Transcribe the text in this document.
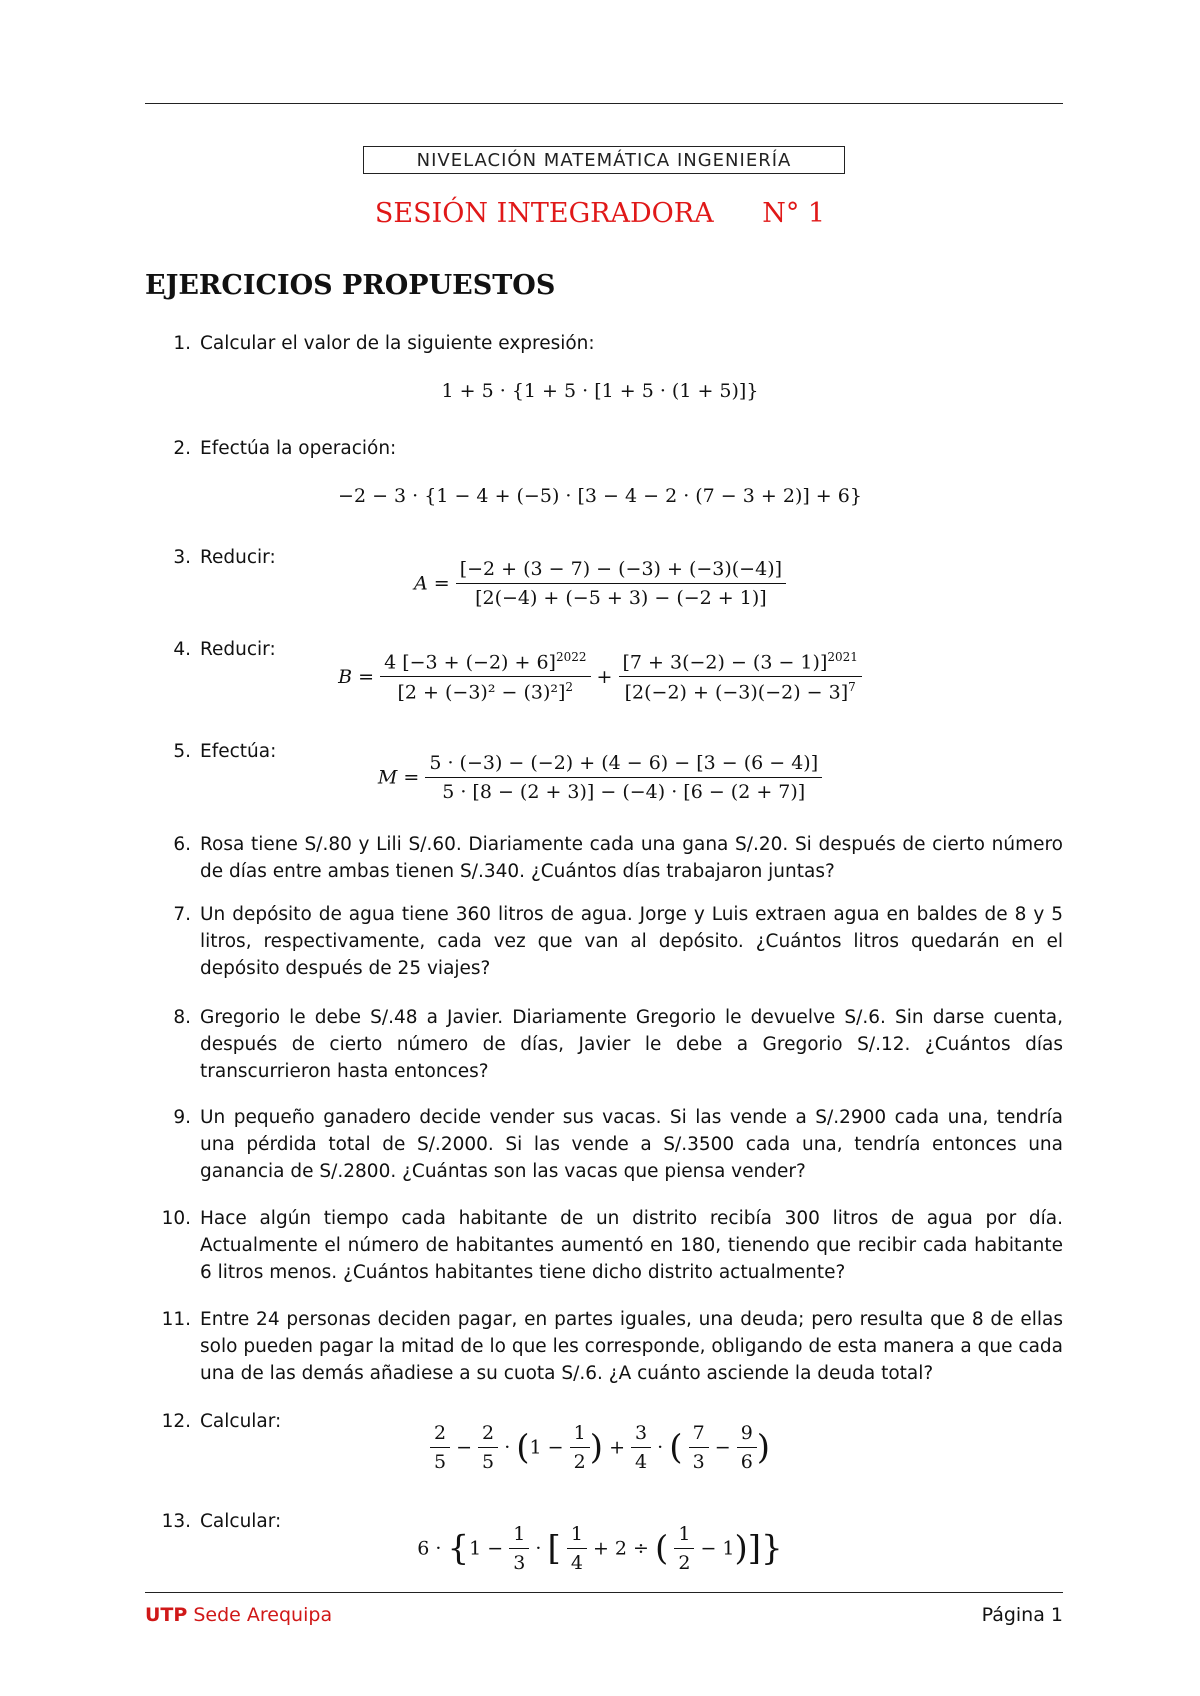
NIVELACIÓN MATEMÁTICA INGENIERÍA
SESIÓN INTEGRADORA N° 1
EJERCICIOS PROPUESTOS
1. Calcular el valor de la siguiente expresión:
1 + 5 · {1 + 5 · [1 + 5 · (1 + 5)]}
2. Efectúa la operación:
−2 − 3 · {1 − 4 + (−5) · [3 − 4 − 2 · (7 − 3 + 2)] + 6}
3. Reducir:
$A = \frac{[-2 + (3 - 7) - (-3) + (-3)(-4)]}{[2(-4) + (-5 + 3) - (-2 + 1)]}$
4. Reducir:
$B = \frac{4 [-3 + (-2) + 6]^{2022}}{[2 + (-3)^2 - (3)^2]^2} + \frac{[7 + 3(-2) - (3 - 1)]^{2021}}{[2(-2) + (-3)(-2) - 3]^7}$
5. Efectúa:
$M = \frac{5 \cdot (-3) - (-2) + (4 - 6) - [3 - (6 - 4)]}{5 \cdot [8 - (2 + 3)] - (-4) \cdot [6 - (2 + 7)]}$
6. Rosa tiene S/.80 y Lili S/.60. Diariamente cada una gana S/.20. Si después de cierto número de días entre ambas tienen S/.340. ¿Cuántos días trabajaron juntas?
7. Un depósito de agua tiene 360 litros de agua. Jorge y Luis extraen agua en baldes de 8 y 5 litros, respectivamente, cada vez que van al depósito. ¿Cuántos litros quedarán en el depósito después de 25 viajes?
8. Gregorio le debe S/.48 a Javier. Diariamente Gregorio le devuelve S/.6. Sin darse cuenta, después de cierto número de días, Javier le debe a Gregorio S/.12. ¿Cuántos días transcurrieron hasta entonces?
9. Un pequeño ganadero decide vender sus vacas. Si las vende a S/.2900 cada una, tendría una pérdida total de S/.2000. Si las vende a S/.3500 cada una, tendría entonces una ganancia de S/.2800. ¿Cuántas son las vacas que piensa vender?
10. Hace algún tiempo cada habitante de un distrito recibía 300 litros de agua por día. Actualmente el número de habitantes aumentó en 180, tienendo que recibir cada habitante 6 litros menos. ¿Cuántos habitantes tiene dicho distrito actualmente?
11. Entre 24 personas deciden pagar, en partes iguales, una deuda; pero resulta que 8 de ellas solo pueden pagar la mitad de lo que les corresponde, obligando de esta manera a que cada una de las demás añadiese a su cuota S/.6. ¿A cuánto asciende la deuda total?
12. Calcular:
$\frac{2}{5} - \frac{2}{5} \cdot (1 - \frac{1}{2}$ ) + $\frac{3}{4}$ · ( $\frac{7}{3} - \frac{9}{6}$ )
13. Calcular:
$6 \cdot \{1 - \frac{1}{3}$ · [ $\frac{1}{4} + 2$ ÷ ( $\frac{1}{2} - 1$)]}
UTP Sede Arequipa	Página 1
